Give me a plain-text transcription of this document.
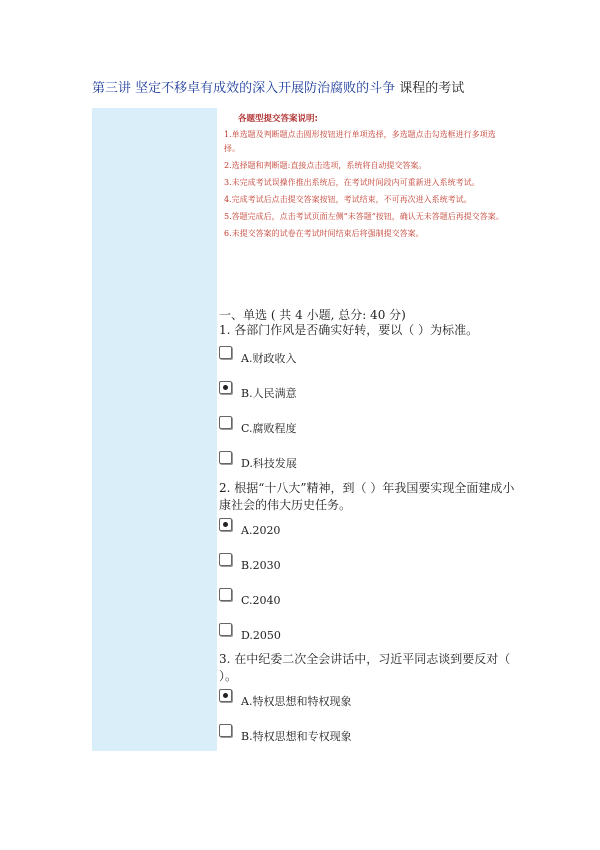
第三讲 坚定不移卓有成效的深入开展防治腐败的斗争 课程的考试
各题型提交答案说明:
1.单选题及判断题点击圆形按钮进行单项选择，多选题点击勾选框进行多项选择。
2.选择题和判断题:直接点击选项，系统将自动提交答案。
3.未完成考试误操作推出系统后，在考试时间段内可重新进入系统考试。
4.完成考试后点击提交答案按钮，考试结束，不可再次进入系统考试。
5.答题完成后，点击考试页面左侧“未答题”按钮，确认无未答题后再提交答案。
6.未提交答案的试卷在考试时间结束后将强制提交答案。
一、单选 ( 共 4 小题, 总分: 40 分)
1. 各部门作风是否确实好转，要以（ ）为标准。
A.财政收入
B.人民满意
C.腐败程度
D.科技发展
2. 根据“十八大”精神，到（ ）年我国要实现全面建成小康社会的伟大历史任务。
A.2020
B.2030
C.2040
D.2050
3. 在中纪委二次全会讲话中，习近平同志谈到要反对（ ）。
A.特权思想和特权现象
B.特权思想和专权现象
